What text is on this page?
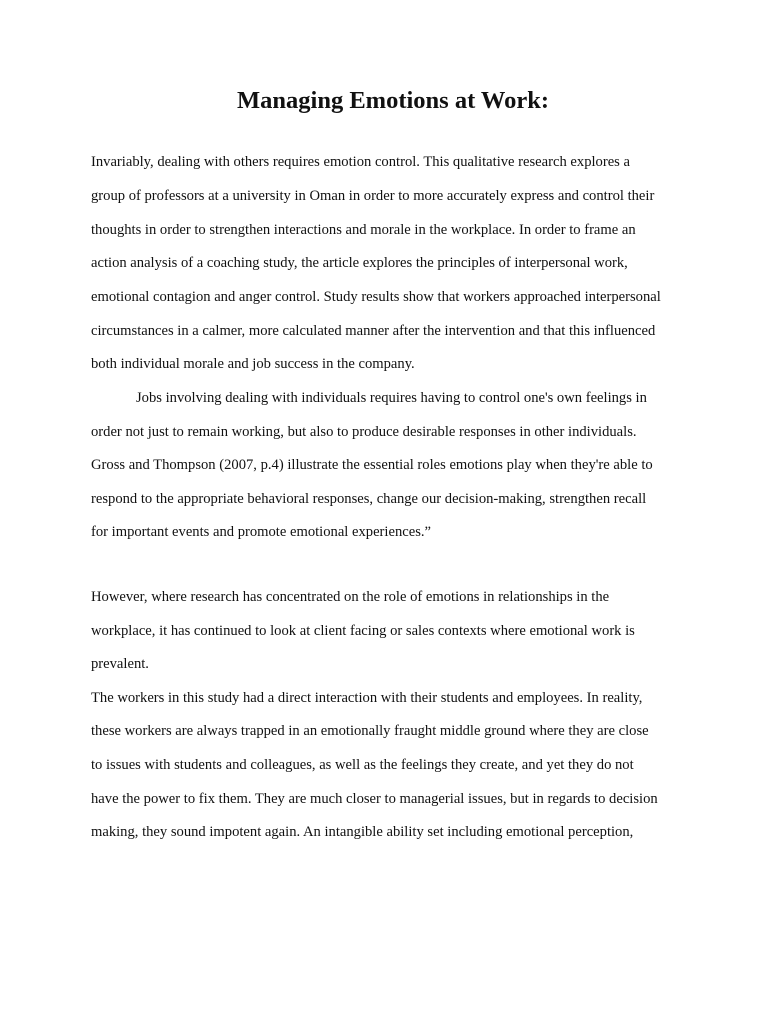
Managing Emotions at Work:
Invariably, dealing with others requires emotion control. This qualitative research explores a
group of professors at a university in Oman in order to more accurately express and control their
thoughts in order to strengthen interactions and morale in the workplace. In order to frame an
action analysis of a coaching study, the article explores the principles of interpersonal work,
emotional contagion and anger control. Study results show that workers approached interpersonal
circumstances in a calmer, more calculated manner after the intervention and that this influenced
both individual morale and job success in the company.
Jobs involving dealing with individuals requires having to control one's own feelings in
order not just to remain working, but also to produce desirable responses in other individuals.
Gross and Thompson (2007, p.4) illustrate the essential roles emotions play when they're able to
respond to the appropriate behavioral responses, change our decision-making, strengthen recall
for important events and promote emotional experiences.”
However, where research has concentrated on the role of emotions in relationships in the
workplace, it has continued to look at client facing or sales contexts where emotional work is
prevalent.
The workers in this study had a direct interaction with their students and employees. In reality,
these workers are always trapped in an emotionally fraught middle ground where they are close
to issues with students and colleagues, as well as the feelings they create, and yet they do not
have the power to fix them. They are much closer to managerial issues, but in regards to decision
making, they sound impotent again. An intangible ability set including emotional perception,
